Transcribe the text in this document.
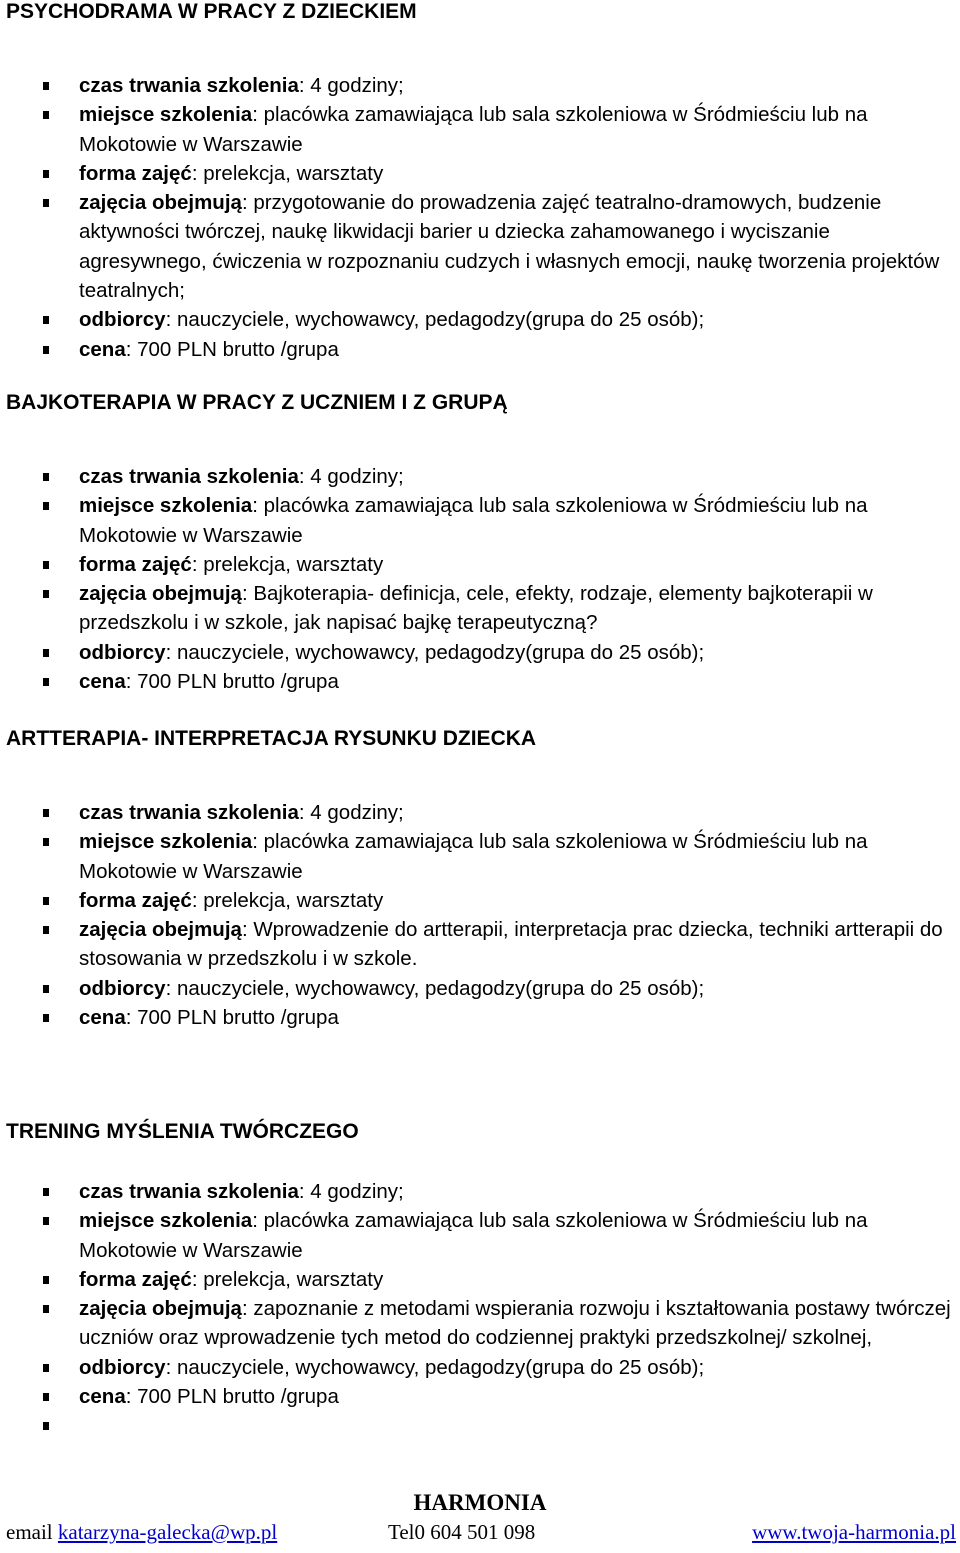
PSYCHODRAMA W PRACY Z DZIECKIEM
czas trwania szkolenia: 4 godziny;
miejsce szkolenia: placówka zamawiająca lub sala szkoleniowa w Śródmieściu lub na Mokotowie w Warszawie
forma zajęć: prelekcja, warsztaty
zajęcia obejmują: przygotowanie do prowadzenia zajęć teatralno-dramowych, budzenie aktywności twórczej, naukę likwidacji barier u dziecka zahamowanego i wyciszanie agresywnego, ćwiczenia w rozpoznaniu cudzych i własnych emocji, naukę tworzenia projektów teatralnych;
odbiorcy: nauczyciele, wychowawcy, pedagodzy(grupa do 25 osób);
cena: 700 PLN brutto /grupa
BAJKOTERAPIA W PRACY Z UCZNIEM I Z GRUPĄ
czas trwania szkolenia: 4 godziny;
miejsce szkolenia: placówka zamawiająca lub sala szkoleniowa w Śródmieściu lub na Mokotowie w Warszawie
forma zajęć: prelekcja, warsztaty
zajęcia obejmują: Bajkoterapia- definicja, cele, efekty, rodzaje, elementy bajkoterapii w przedszkolu i w szkole, jak napisać bajkę terapeutyczną?
odbiorcy: nauczyciele, wychowawcy, pedagodzy(grupa do 25 osób);
cena: 700 PLN brutto /grupa
ARTTERAPIA- INTERPRETACJA RYSUNKU DZIECKA
czas trwania szkolenia: 4 godziny;
miejsce szkolenia: placówka zamawiająca lub sala szkoleniowa w Śródmieściu lub na Mokotowie w Warszawie
forma zajęć: prelekcja, warsztaty
zajęcia obejmują: Wprowadzenie do artterapii, interpretacja prac dziecka, techniki artterapii do stosowania w przedszkolu i w szkole.
odbiorcy: nauczyciele, wychowawcy, pedagodzy(grupa do 25 osób);
cena: 700 PLN brutto /grupa
TRENING MYŚLENIA TWÓRCZEGO
czas trwania szkolenia: 4 godziny;
miejsce szkolenia: placówka zamawiająca lub sala szkoleniowa w Śródmieściu lub na Mokotowie w Warszawie
forma zajęć: prelekcja, warsztaty
zajęcia obejmują: zapoznanie z metodami wspierania rozwoju i kształtowania postawy twórczej uczniów oraz wprowadzenie tych metod do codziennej praktyki przedszkolnej/ szkolnej,
odbiorcy: nauczyciele, wychowawcy, pedagodzy(grupa do 25 osób);
cena: 700 PLN brutto /grupa
HARMONIA
email katarzyna-galecka@wp.pl	Tel0 604 501 098	www.twoja-harmonia.pl
